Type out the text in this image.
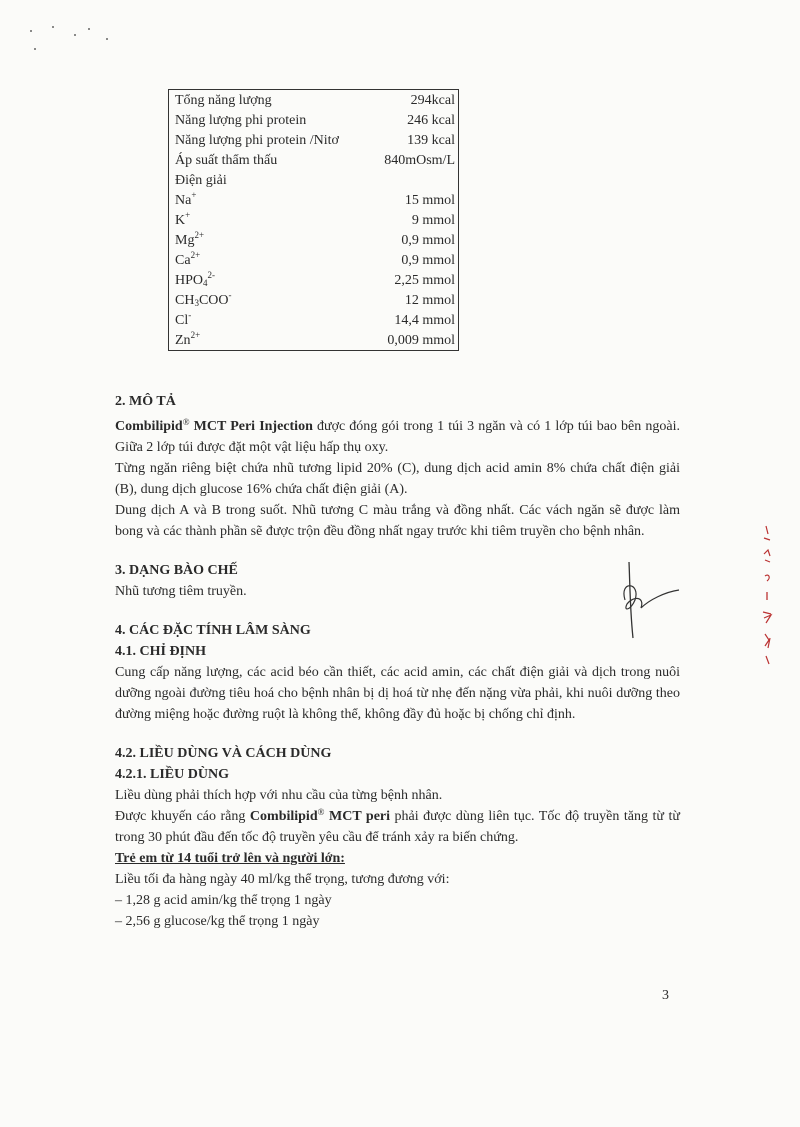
Tổng năng lượng	294kcal
Năng lượng phi protein	246 kcal
Năng lượng phi protein /Nitơ	139 kcal
Áp suất thẩm thấu	840mOsm/L
Điện giải	
Na+	15 mmol
K+	9 mmol
$Mg^{2+}$	0,9 mmol
$Ca^{2+}$	0,9 mmol
$HPO_4^{2-}$	2,25 mmol
$CH_3COO^-$	12 mmol
Cl-	14,4 mmol
$Zn^{2+}$	0,009 mmol

2. MÔ TẢ

Combilipid® MCT Peri Injection được đóng gói trong 1 túi 3 ngăn và có 1 lớp túi bao bên ngoài. Giữa 2 lớp túi được đặt một vật liệu hấp thụ oxy.

Từng ngăn riêng biệt chứa nhũ tương lipid 20% (C), dung dịch acid amin 8% chứa chất điện giải (B), dung dịch glucose 16% chứa chất điện giải (A).

Dung dịch A và B trong suốt. Nhũ tương C màu trắng và đồng nhất. Các vách ngăn sẽ được làm bong và các thành phần sẽ được trộn đều đồng nhất ngay trước khi tiêm truyền cho bệnh nhân.

3. DẠNG BÀO CHẾ

Nhũ tương tiêm truyền.

4. CÁC ĐẶC TÍNH LÂM SÀNG

4.1. CHỈ ĐỊNH

Cung cấp năng lượng, các acid béo cần thiết, các acid amin, các chất điện giải và dịch trong nuôi dưỡng ngoài đường tiêu hoá cho bệnh nhân bị dị hoá từ nhẹ đến nặng vừa phải, khi nuôi dưỡng theo đường miệng hoặc đường ruột là không thể, không đầy đủ hoặc bị chống chỉ định.

4.2. LIỀU DÙNG VÀ CÁCH DÙNG

4.2.1. LIỀU DÙNG

Liều dùng phải thích hợp với nhu cầu của từng bệnh nhân.

Được khuyến cáo rằng Combilipid® MCT peri phải được dùng liên tục. Tốc độ truyền tăng từ từ trong 30 phút đầu đến tốc độ truyền yêu cầu để tránh xảy ra biến chứng.

Trẻ em từ 14 tuổi trở lên và người lớn:

Liều tối đa hàng ngày 40 ml/kg thể trọng, tương đương với:

– 1,28 g acid amin/kg thể trọng 1 ngày

– 2,56 g glucose/kg thể trọng 1 ngày

3
